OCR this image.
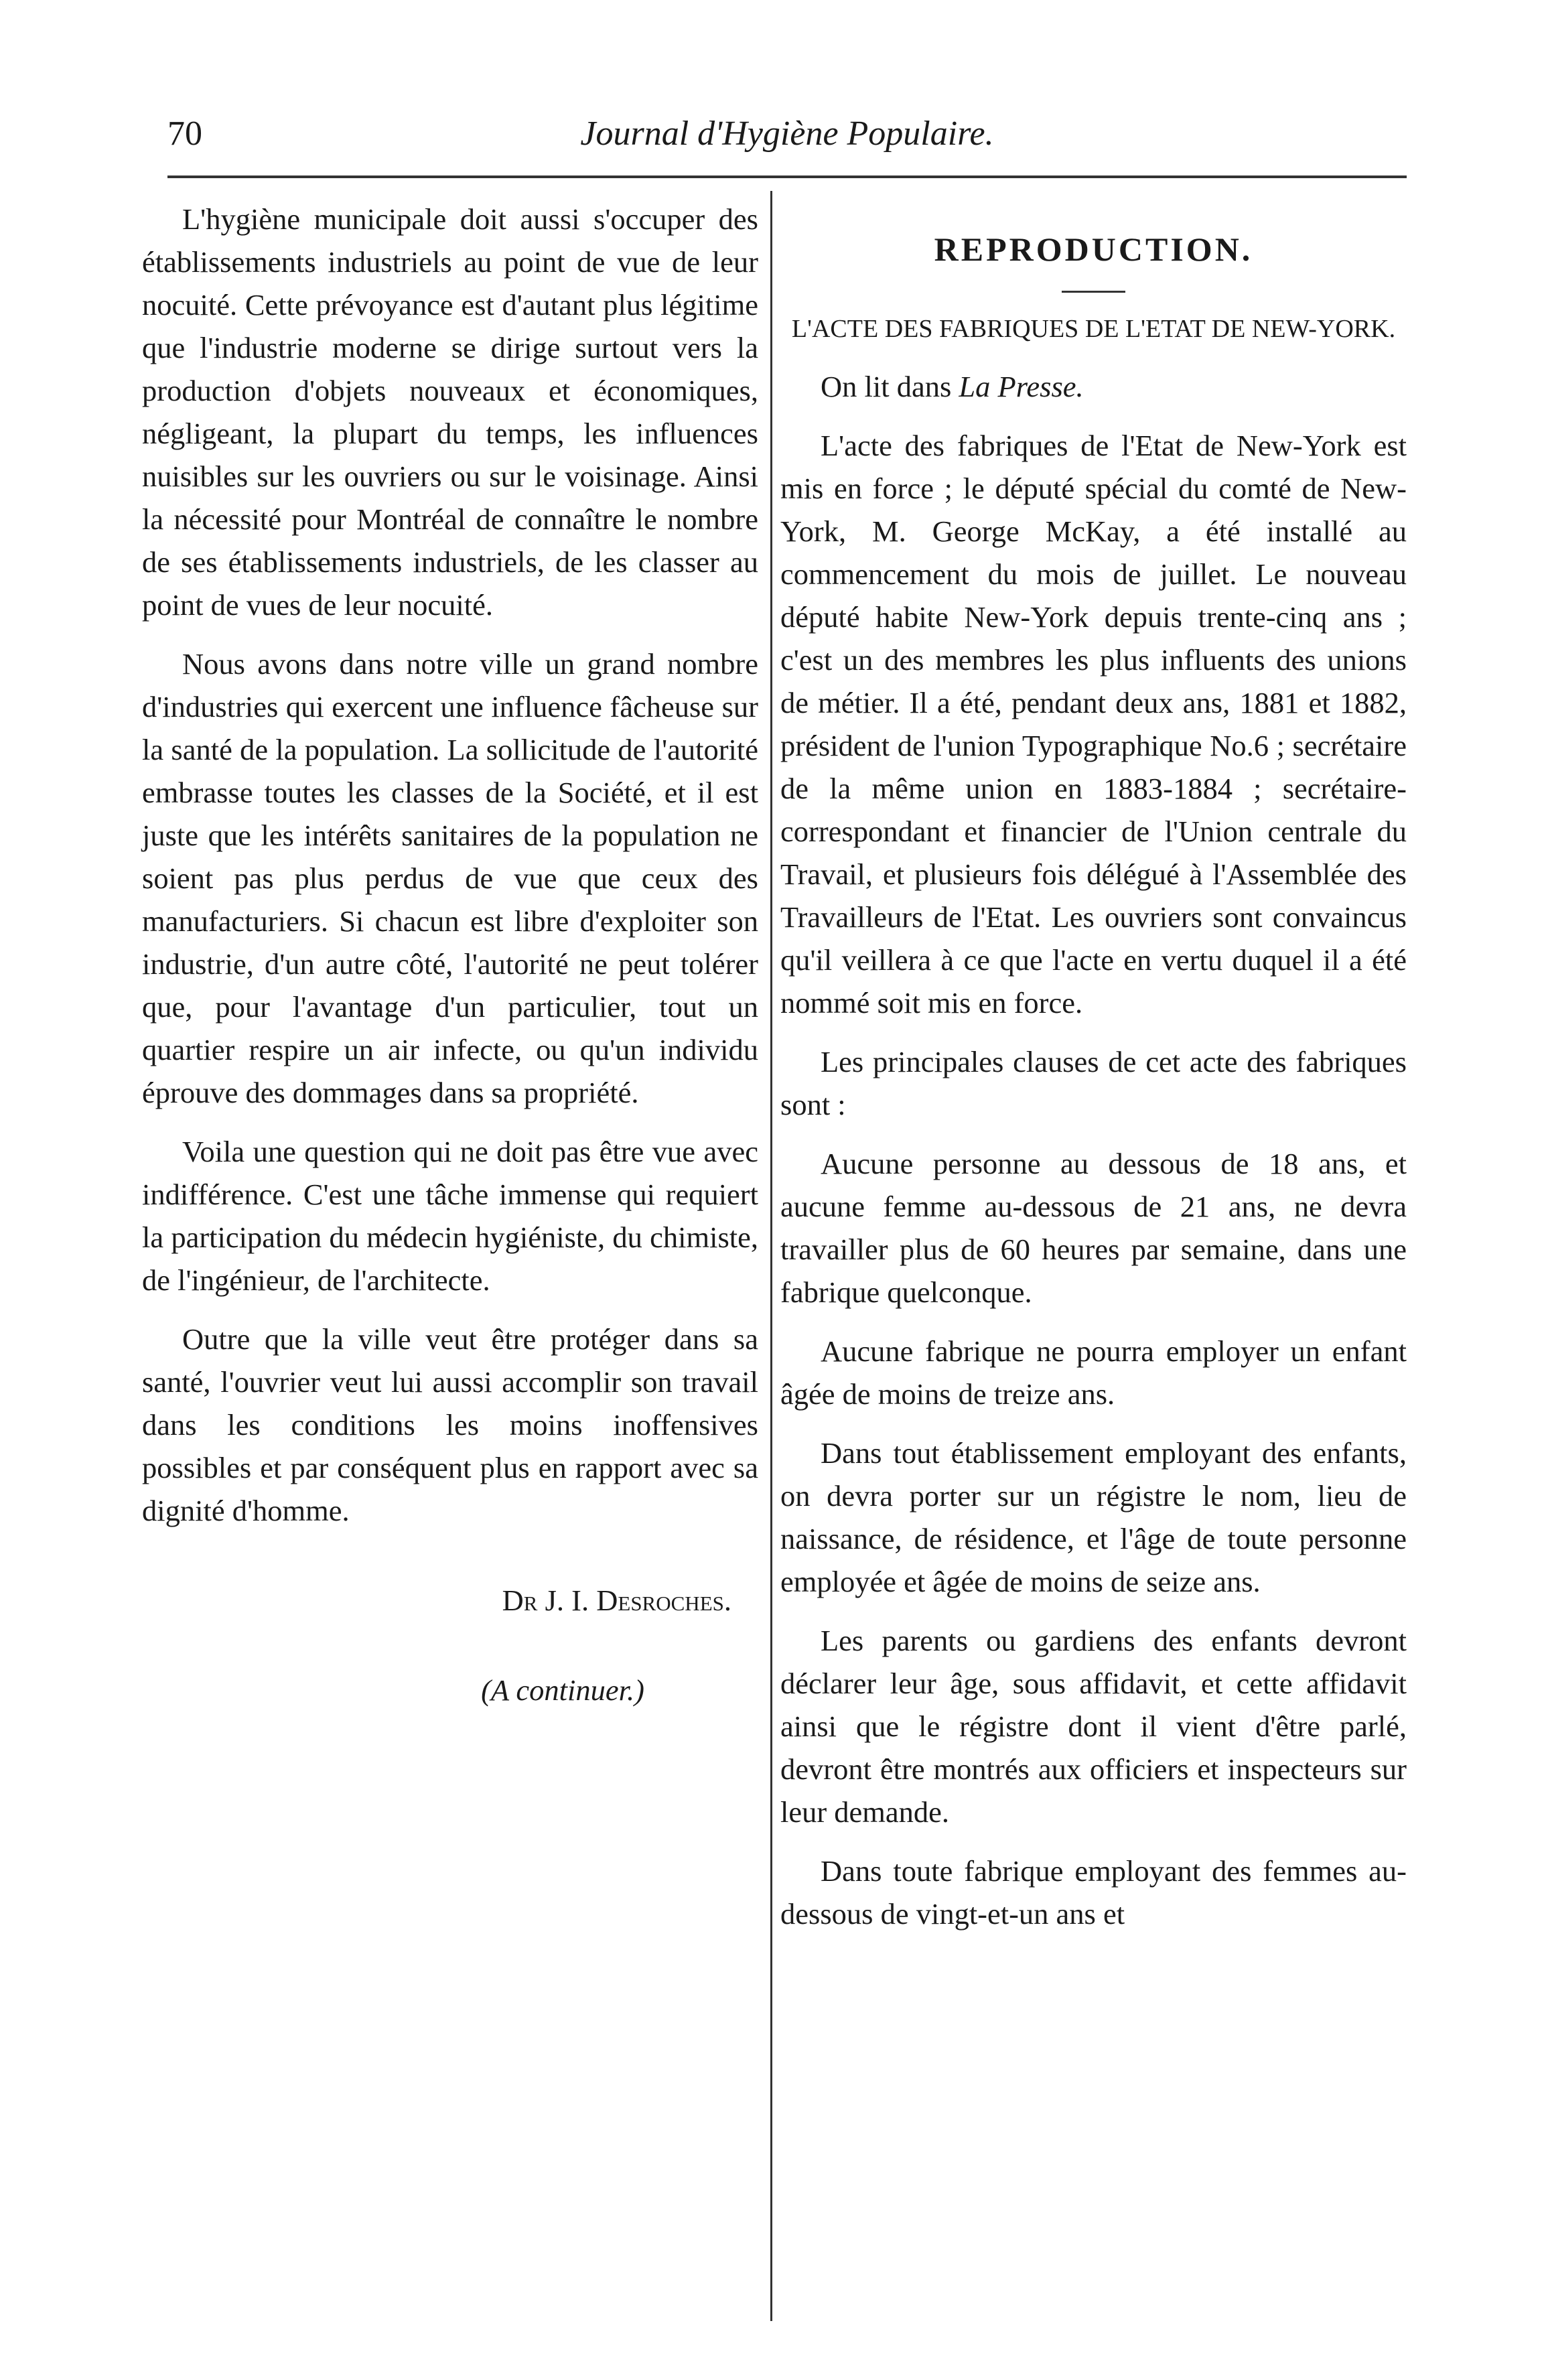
70	Journal d'Hygiène Populaire.

L'hygiène municipale doit aussi s'occuper des établissements industriels au point de vue de leur nocuité. Cette prévoyance est d'autant plus légitime que l'industrie moderne se dirige surtout vers la production d'objets nouveaux et économiques, négligeant, la plupart du temps, les influences nuisibles sur les ouvriers ou sur le voisinage. Ainsi la nécessité pour Montréal de connaître le nombre de ses établissements industriels, de les classer au point de vues de leur nocuité.

Nous avons dans notre ville un grand nombre d'industries qui exercent une influence fâcheuse sur la santé de la population. La sollicitude de l'autorité embrasse toutes les classes de la Société, et il est juste que les intérêts sanitaires de la population ne soient pas plus perdus de vue que ceux des manufacturiers. Si chacun est libre d'exploiter son industrie, d'un autre côté, l'autorité ne peut tolérer que, pour l'avantage d'un particulier, tout un quartier respire un air infecte, ou qu'un individu éprouve des dommages dans sa propriété.

Voila une question qui ne doit pas être vue avec indifférence. C'est une tâche immense qui requiert la participation du médecin hygiéniste, du chimiste, de l'ingénieur, de l'architecte.

Outre que la ville veut être protéger dans sa santé, l'ouvrier veut lui aussi accomplir son travail dans les conditions les moins inoffensives possibles et par conséquent plus en rapport avec sa dignité d'homme.

Dr J. I. Desroches.
(A continuer.)
REPRODUCTION.
L'ACTE DES FABRIQUES DE L'ETAT DE NEW-YORK.

On lit dans La Presse.

L'acte des fabriques de l'Etat de New-York est mis en force ; le député spécial du comté de New-York, M. George McKay, a été installé au commencement du mois de juillet. Le nouveau député habite New-York depuis trente-cinq ans ; c'est un des membres les plus influents des unions de métier. Il a été, pendant deux ans, 1881 et 1882, président de l'union Typographique No.6 ; secrétaire de la même union en 1883-1884 ; secrétaire-correspondant et financier de l'Union centrale du Travail, et plusieurs fois délégué à l'Assemblée des Travailleurs de l'Etat. Les ouvriers sont convaincus qu'il veillera à ce que l'acte en vertu duquel il a été nommé soit mis en force.

Les principales clauses de cet acte des fabriques sont :

Aucune personne au dessous de 18 ans, et aucune femme au-dessous de 21 ans, ne devra travailler plus de 60 heures par semaine, dans une fabrique quelconque.

Aucune fabrique ne pourra employer un enfant âgée de moins de treize ans.

Dans tout établissement employant des enfants, on devra porter sur un régistre le nom, lieu de naissance, de résidence, et l'âge de toute personne employée et âgée de moins de seize ans.

Les parents ou gardiens des enfants devront déclarer leur âge, sous affidavit, et cette affidavit ainsi que le régistre dont il vient d'être parlé, devront être montrés aux officiers et inspecteurs sur leur demande.

Dans toute fabrique employant des femmes au-dessous de vingt-et-un ans et
